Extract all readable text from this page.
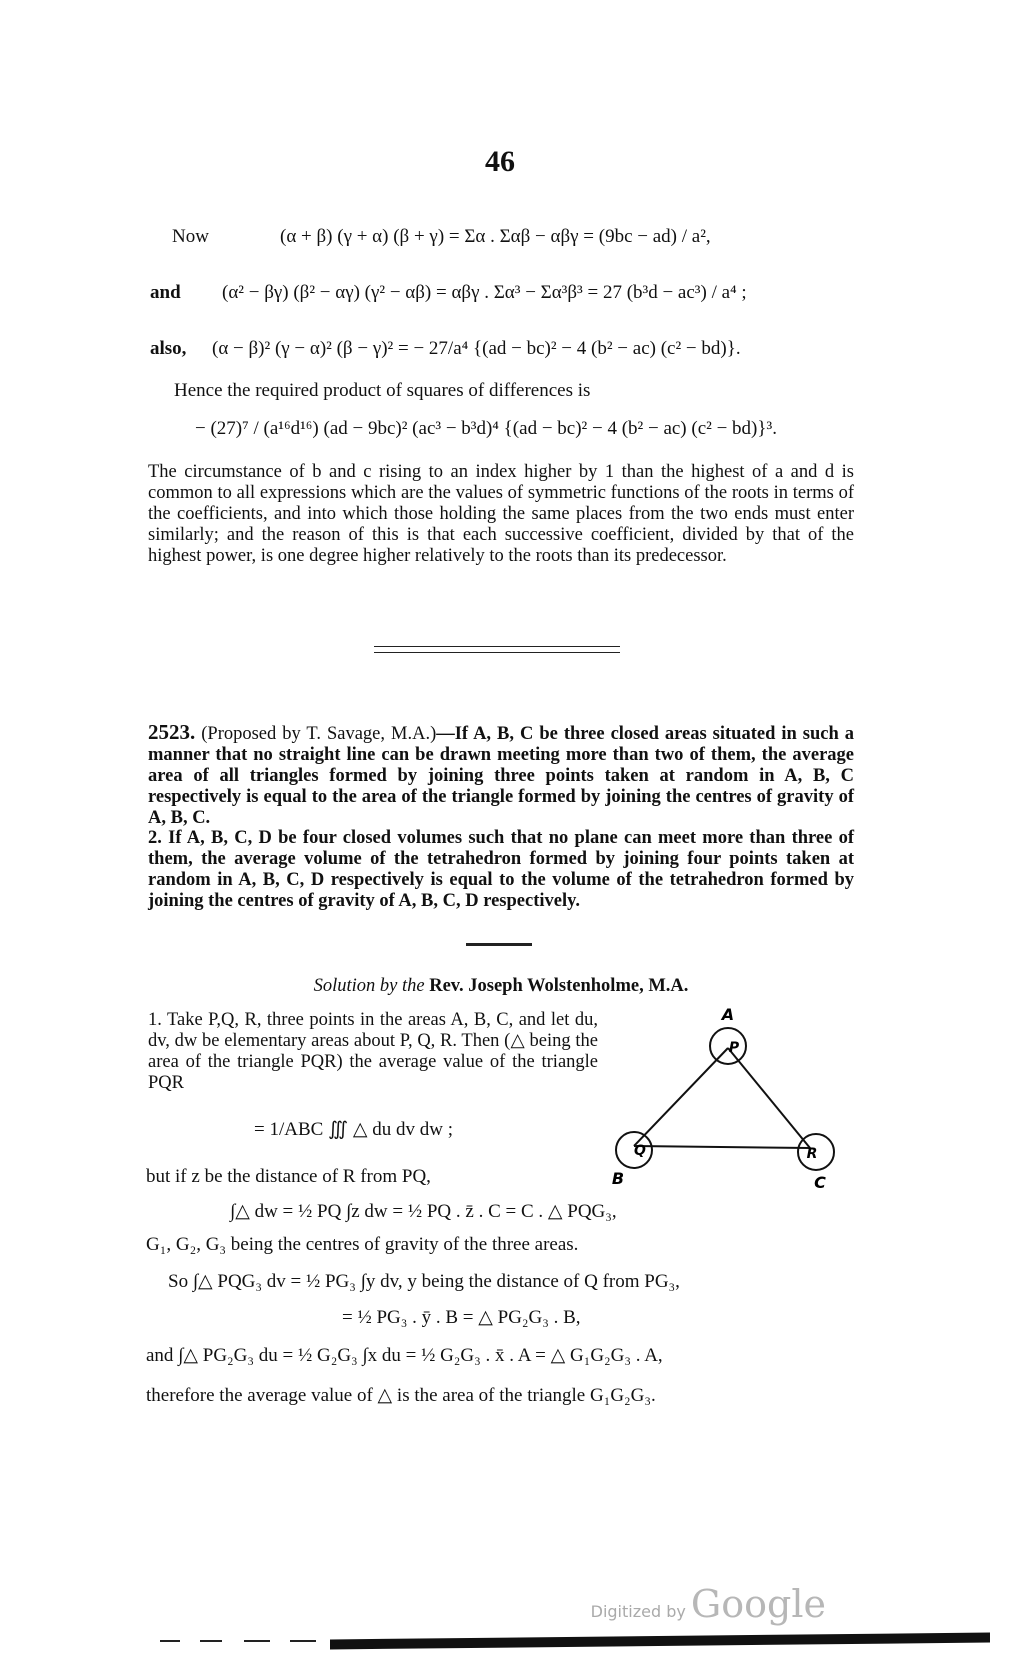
46
Now	(α + β) (γ + α) (β + γ) = Σα . Σαβ − αβγ = (9bc − ad) / a²,
and (α² − βγ) (β² − αγ) (γ² − αβ) = αβγ . Σα³ − Σα³β³ = 27 (b³d − ac³) / a⁴ ;
also, (α − β)² (γ − α)² (β − γ)² = − 27/a⁴ {(ad − bc)² − 4 (b² − ac) (c² − bd)}.
Hence the required product of squares of differences is
− (27)⁷ / (a¹⁶d¹⁶) (ad − 9bc)² (ac³ − b³d)⁴ {(ad − bc)² − 4 (b² − ac) (c² − bd)}³.
The circumstance of b and c rising to an index higher by 1 than the highest of a and d is common to all expressions which are the values of symmetric functions of the roots in terms of the coefficients, and into which those holding the same places from the two ends must enter similarly; and the reason of this is that each successive coefficient, divided by that of the highest power, is one degree higher relatively to the roots than its predecessor.
2523. (Proposed by T. Savage, M.A.)—If A, B, C be three closed areas situated in such a manner that no straight line can be drawn meeting more than two of them, the average area of all triangles formed by joining three points taken at random in A, B, C respectively is equal to the area of the triangle formed by joining the centres of gravity of A, B, C.
2. If A, B, C, D be four closed volumes such that no plane can meet more than three of them, the average volume of the tetrahedron formed by joining four points taken at random in A, B, C, D respectively is equal to the volume of the tetrahedron formed by joining the centres of gravity of A, B, C, D respectively.
Solution by the Rev. Joseph Wolstenholme, M.A.
1. Take P,Q, R, three points in the areas A, B, C, and let du, dv, dw be elementary areas about P, Q, R. Then (△ being the area of the triangle PQR) the average value of the triangle PQR
= 1/ABC ∭ △ du dv dw ;
but if z be the distance of R from PQ,
∫△ dw = ½ PQ ∫z dw = ½ PQ . z̄ . C = C . △ PQG₃,
G₁, G₂, G₃ being the centres of gravity of the three areas.
So ∫△ PQG₃ dv = ½ PG₃ ∫y dv, y being the distance of Q from PG₃,
= ½ PG₃ . ȳ . B = △ PG₂G₃ . B,
and ∫△ PG₂G₃ du = ½ G₂G₃ ∫x du = ½ G₂G₃ . x̄ . A = △ G₁G₂G₃ . A,
therefore the average value of △ is the area of the triangle G₁G₂G₃.
A
P
Q
B
R
C
Digitized by Google
